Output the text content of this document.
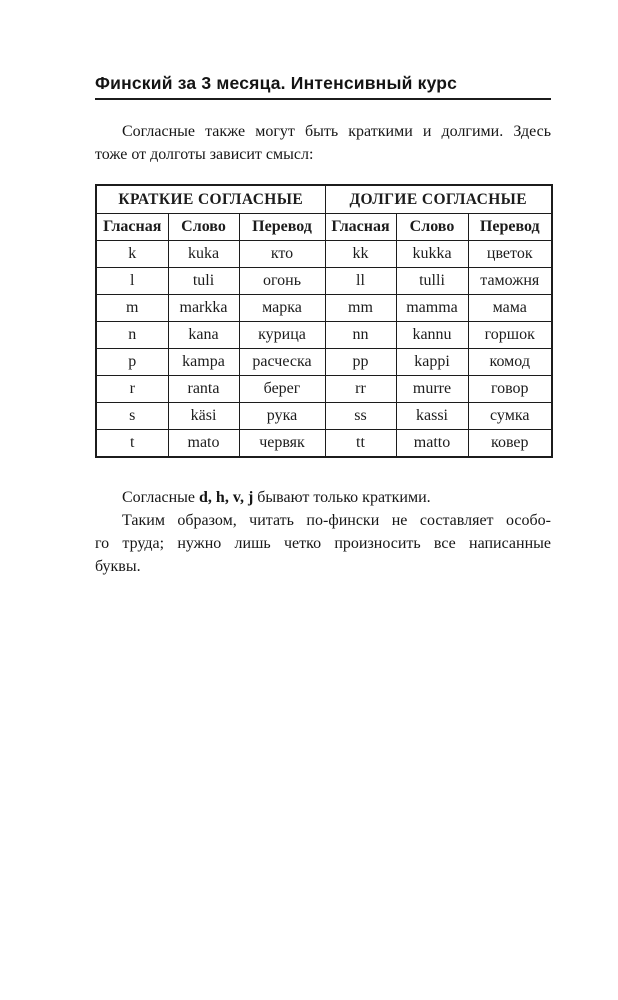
Финский за 3 месяца. Интенсивный курс

Согласные также могут быть краткими и долгими. Здесь
тоже от долготы зависит смысл:

КРАТКИЕ СОГЛАСНЫЕ			ДОЛГИЕ СОГЛАСНЫЕ		
Гласная	Слово	Перевод	Гласная	Слово	Перевод
k	kuka	кто	kk	kukka	цветок
l	tuli	огонь	ll	tulli	таможня
m	markka	марка	mm	mamma	мама
n	kana	курица	nn	kannu	горшок
p	kampa	расческа	pp	kappi	комод
r	ranta	берег	rr	murre	говор
s	käsi	рука	ss	kassi	сумка
t	mato	червяк	tt	matto	ковер

Согласные d, h, v, j бывают только краткими.

Таким образом, читать по-фински не составляет особо-
го труда; нужно лишь четко произносить все написанные
буквы.
